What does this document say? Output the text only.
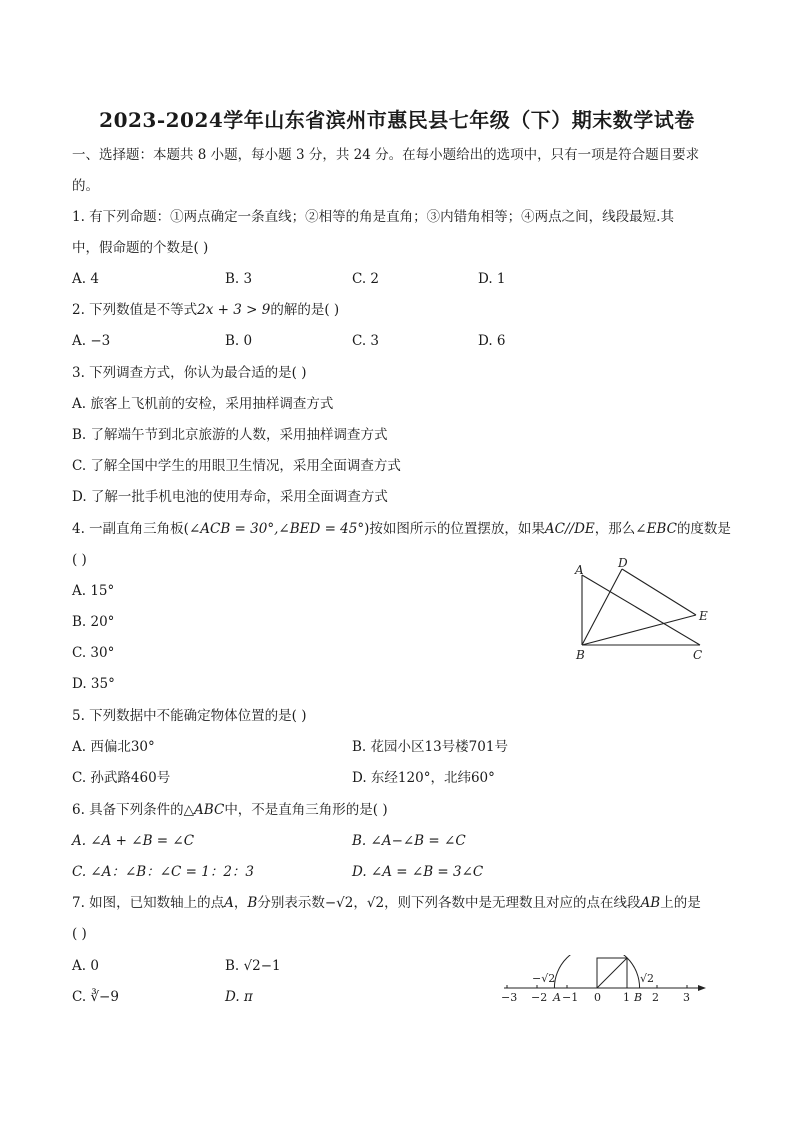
2023-2024学年山东省滨州市惠民县七年级（下）期末数学试卷
一、选择题：本题共 8 小题，每小题 3 分，共 24 分。在每小题给出的选项中，只有一项是符合题目要求
的。
1. 有下列命题：①两点确定一条直线；②相等的角是直角；③内错角相等；④两点之间，线段最短.其
中，假命题的个数是( )
A. 4	B. 3	C. 2	D. 1
2. 下列数值是不等式2x + 3 > 9的解的是( )
A. −3	B. 0	C. 3	D. 6
3. 下列调查方式，你认为最合适的是( )
A. 旅客上飞机前的安检，采用抽样调查方式
B. 了解端午节到北京旅游的人数，采用抽样调查方式
C. 了解全国中学生的用眼卫生情况，采用全面调查方式
D. 了解一批手机电池的使用寿命，采用全面调查方式
4. 一副直角三角板(∠ACB = 30°,∠BED = 45°)按如图所示的位置摆放，如果AC//DE，那么∠EBC的度数是
( )
A. 15°
B. 20°
C. 30°
D. 35°
A	D
E
B	C
5. 下列数据中不能确定物体位置的是( )
A. 西偏北30°	B. 花园小区13号楼701号
C. 孙武路460号	D. 东经120°，北纬60°
6. 具备下列条件的△ABC中，不是直角三角形的是( )
A. ∠A + ∠B = ∠C	B. ∠A−∠B = ∠C
C. ∠A：∠B：∠C = 1：2：3	D. ∠A = ∠B = 3∠C
7. 如图，已知数轴上的点A，B分别表示数−√2，√2，则下列各数中是无理数且对应的点在线段AB上的是
( )
A. 0	B. √2−1
C. ∛−9	D. π
−√2	√2
−3 −2 A −1 0 1 B 2 3
